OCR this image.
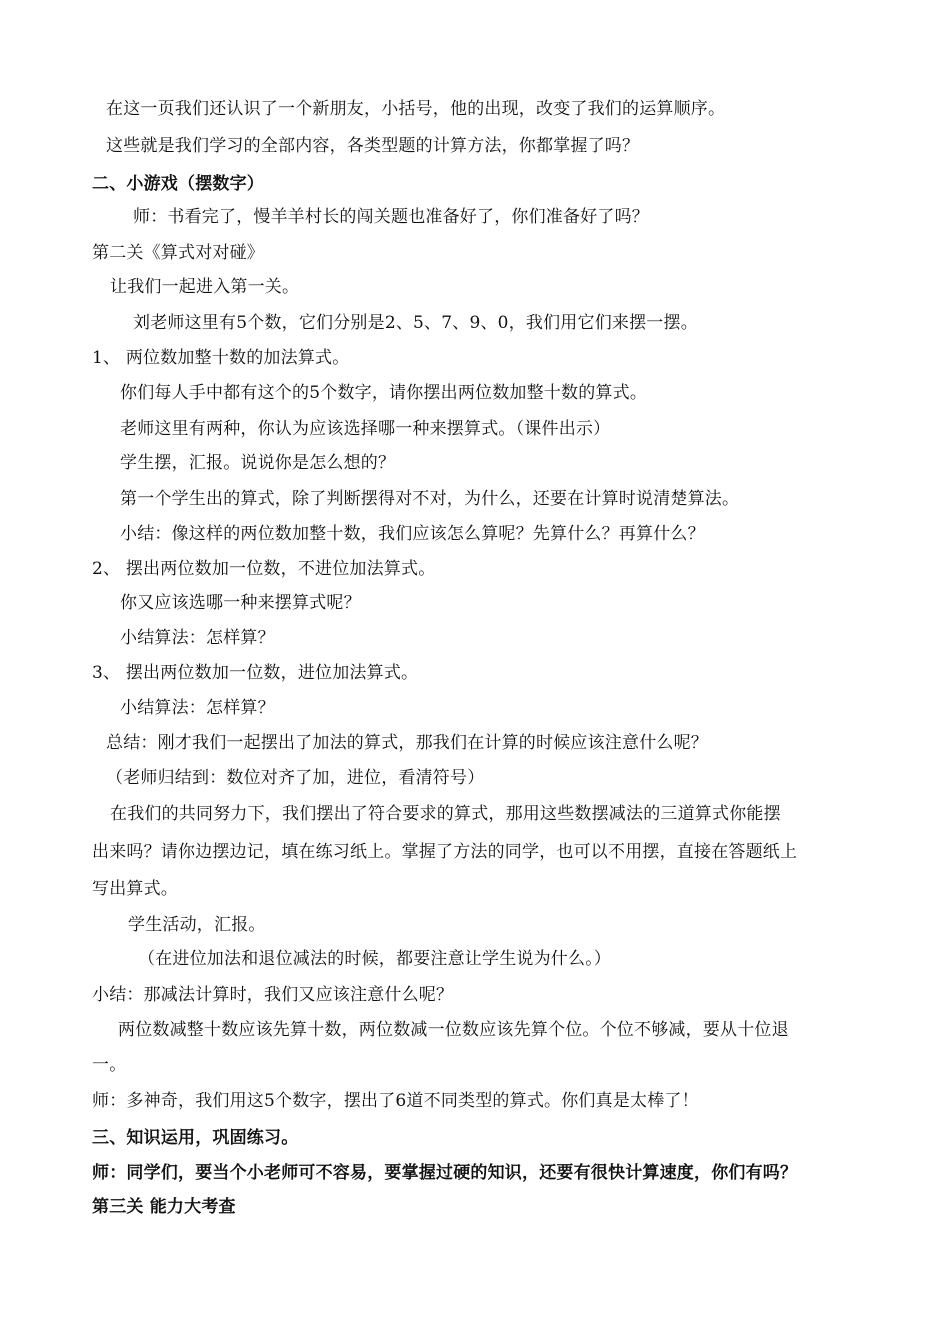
在这一页我们还认识了一个新朋友，小括号，他的出现，改变了我们的运算顺序。
这些就是我们学习的全部内容，各类型题的计算方法，你都掌握了吗？
二、小游戏（摆数字）
师：书看完了，慢羊羊村长的闯关题也准备好了，你们准备好了吗？
第二关《算式对对碰》
让我们一起进入第一关。
刘老师这里有5个数，它们分别是2、5、7、9、0，我们用它们来摆一摆。
1、 两位数加整十数的加法算式。
你们每人手中都有这个的5个数字，请你摆出两位数加整十数的算式。
老师这里有两种，你认为应该选择哪一种来摆算式。（课件出示）
学生摆，汇报。说说你是怎么想的？
第一个学生出的算式，除了判断摆得对不对，为什么，还要在计算时说清楚算法。
小结：像这样的两位数加整十数，我们应该怎么算呢？先算什么？再算什么？
2、 摆出两位数加一位数，不进位加法算式。
你又应该选哪一种来摆算式呢？
小结算法：怎样算？
3、 摆出两位数加一位数，进位加法算式。
小结算法：怎样算？
总结：刚才我们一起摆出了加法的算式，那我们在计算的时候应该注意什么呢？
（老师归结到：数位对齐了加，进位，看清符号）
在我们的共同努力下，我们摆出了符合要求的算式，那用这些数摆减法的三道算式你能摆
出来吗？请你边摆边记，填在练习纸上。掌握了方法的同学，也可以不用摆，直接在答题纸上
写出算式。
学生活动，汇报。
（在进位加法和退位减法的时候，都要注意让学生说为什么。）
小结：那减法计算时，我们又应该注意什么呢？
两位数减整十数应该先算十数，两位数减一位数应该先算个位。个位不够减，要从十位退
一。
师：多神奇，我们用这5个数字，摆出了6道不同类型的算式。你们真是太棒了！
三、知识运用，巩固练习。
师：同学们，要当个小老师可不容易，要掌握过硬的知识，还要有很快计算速度，你们有吗？
第三关 能力大考查
